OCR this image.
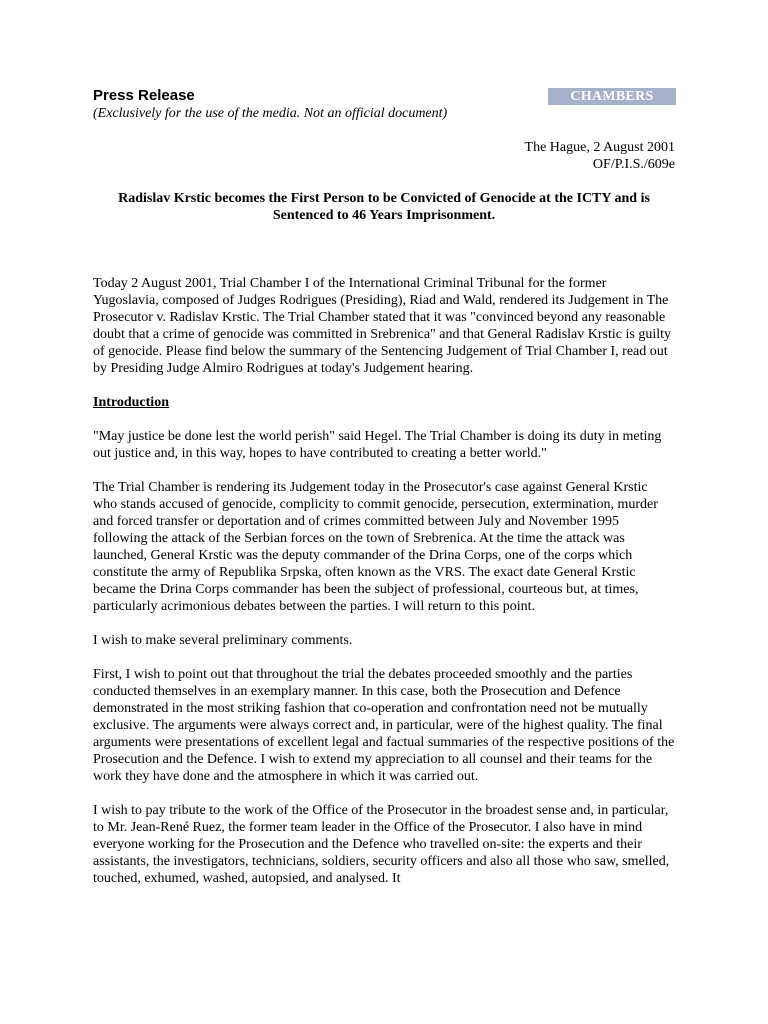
Press Release	CHAMBERS
(Exclusively for the use of the media. Not an official document)
The Hague, 2 August 2001
OF/P.I.S./609e
Radislav Krstic becomes the First Person to be Convicted of Genocide at the ICTY and is Sentenced to 46 Years Imprisonment.

Today 2 August 2001, Trial Chamber I of the International Criminal Tribunal for the former Yugoslavia, composed of Judges Rodrigues (Presiding), Riad and Wald, rendered its Judgement in The Prosecutor v. Radislav Krstic. The Trial Chamber stated that it was "convinced beyond any reasonable doubt that a crime of genocide was committed in Srebrenica" and that General Radislav Krstic is guilty of genocide. Please find below the summary of the Sentencing Judgement of Trial Chamber I, read out by Presiding Judge Almiro Rodrigues at today's Judgement hearing.

Introduction

"May justice be done lest the world perish" said Hegel. The Trial Chamber is doing its duty in meting out justice and, in this way, hopes to have contributed to creating a better world."

The Trial Chamber is rendering its Judgement today in the Prosecutor's case against General Krstic who stands accused of genocide, complicity to commit genocide, persecution, extermination, murder and forced transfer or deportation and of crimes committed between July and November 1995 following the attack of the Serbian forces on the town of Srebrenica. At the time the attack was launched, General Krstic was the deputy commander of the Drina Corps, one of the corps which constitute the army of Republika Srpska, often known as the VRS. The exact date General Krstic became the Drina Corps commander has been the subject of professional, courteous but, at times, particularly acrimonious debates between the parties. I will return to this point.

I wish to make several preliminary comments.

First, I wish to point out that throughout the trial the debates proceeded smoothly and the parties conducted themselves in an exemplary manner. In this case, both the Prosecution and Defence demonstrated in the most striking fashion that co-operation and confrontation need not be mutually exclusive. The arguments were always correct and, in particular, were of the highest quality. The final arguments were presentations of excellent legal and factual summaries of the respective positions of the Prosecution and the Defence. I wish to extend my appreciation to all counsel and their teams for the work they have done and the atmosphere in which it was carried out.

I wish to pay tribute to the work of the Office of the Prosecutor in the broadest sense and, in particular, to Mr. Jean-René Ruez, the former team leader in the Office of the Prosecutor. I also have in mind everyone working for the Prosecution and the Defence who travelled on-site: the experts and their assistants, the investigators, technicians, soldiers, security officers and also all those who saw, smelled, touched, exhumed, washed, autopsied, and analysed. It
